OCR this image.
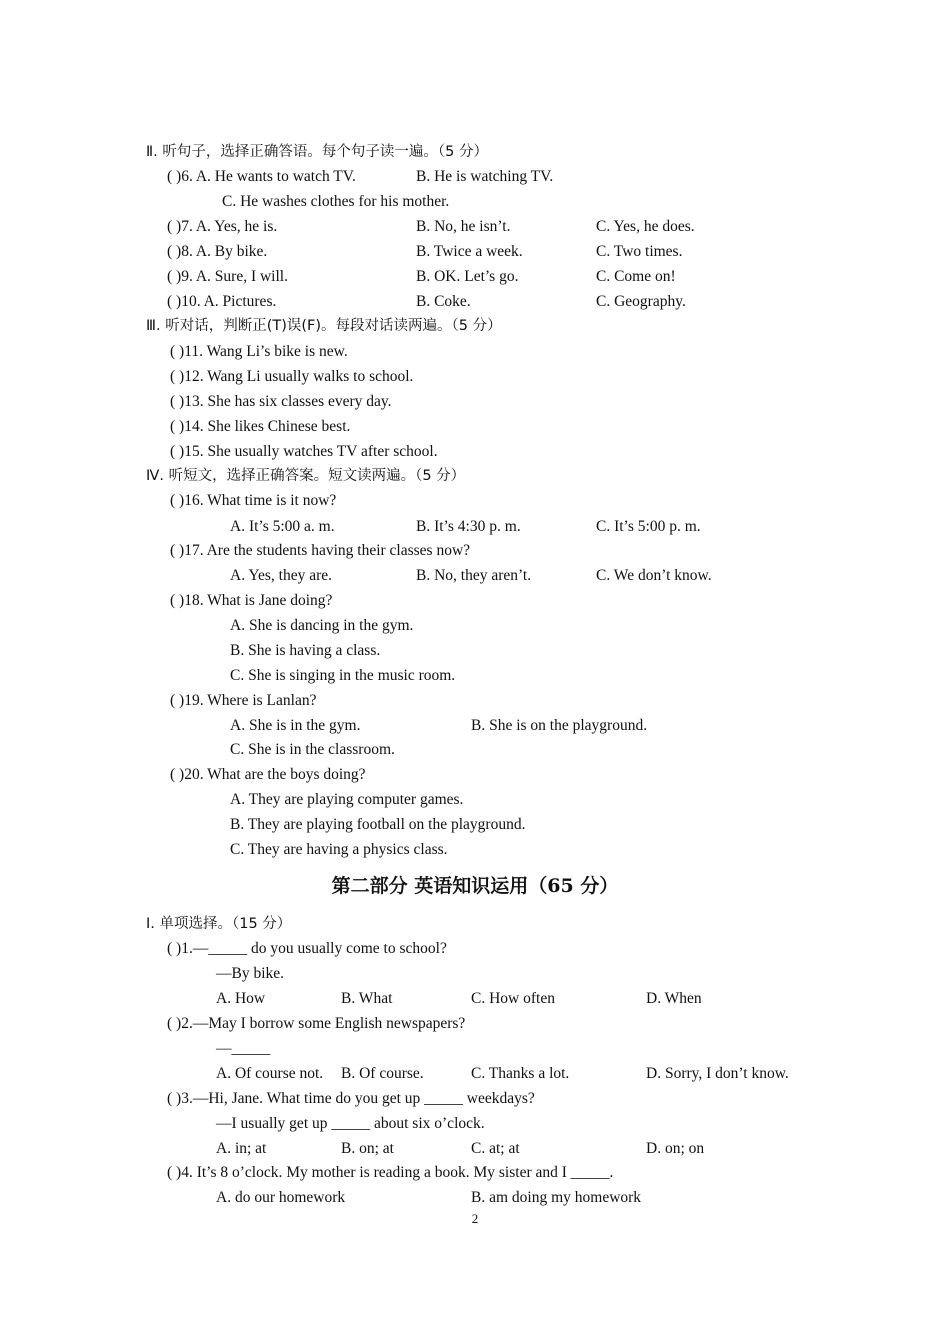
Ⅱ. 听句子，选择正确答语。每个句子读一遍。（5 分）
( )6. A. He wants to watch TV.	B. He is watching TV.
C. He washes clothes for his mother.
( )7. A. Yes, he is.	B. No, he isn’t.	C. Yes, he does.
( )8. A. By bike.	B. Twice a week.	C. Two times.
( )9. A. Sure, I will.	B. OK. Let’s go.	C. Come on!
( )10. A. Pictures.	B. Coke.	C. Geography.
Ⅲ. 听对话，判断正(T)误(F)。每段对话读两遍。（5 分）
( )11. Wang Li’s bike is new.
( )12. Wang Li usually walks to school.
( )13. She has six classes every day.
( )14. She likes Chinese best.
( )15. She usually watches TV after school.
Ⅳ. 听短文，选择正确答案。短文读两遍。（5 分）
( )16. What time is it now?
A. It’s 5:00 a. m.	B. It’s 4:30 p. m.	C. It’s 5:00 p. m.
( )17. Are the students having their classes now?
A. Yes, they are.	B. No, they aren’t.	C. We don’t know.
( )18. What is Jane doing?
A. She is dancing in the gym.
B. She is having a class.
C. She is singing in the music room.
( )19. Where is Lanlan?
A. She is in the gym.	B. She is on the playground.
C. She is in the classroom.
( )20. What are the boys doing?
A. They are playing computer games.
B. They are playing football on the playground.
C. They are having a physics class.
第二部分 英语知识运用（65 分）
Ⅰ. 单项选择。（15 分）
( )1.—_____ do you usually come to school?
—By bike.
A. How	B. What	C. How often	D. When
( )2.—May I borrow some English newspapers?
—_____
A. Of course not. B. Of course.	C. Thanks a lot.	D. Sorry, I don’t know.
( )3.—Hi, Jane. What time do you get up _____ weekdays?
—I usually get up _____ about six o’clock.
A. in; at	B. on; at	C. at; at	D. on; on
( )4. It’s 8 o’clock. My mother is reading a book. My sister and I _____.
A. do our homework	B. am doing my homework
2
